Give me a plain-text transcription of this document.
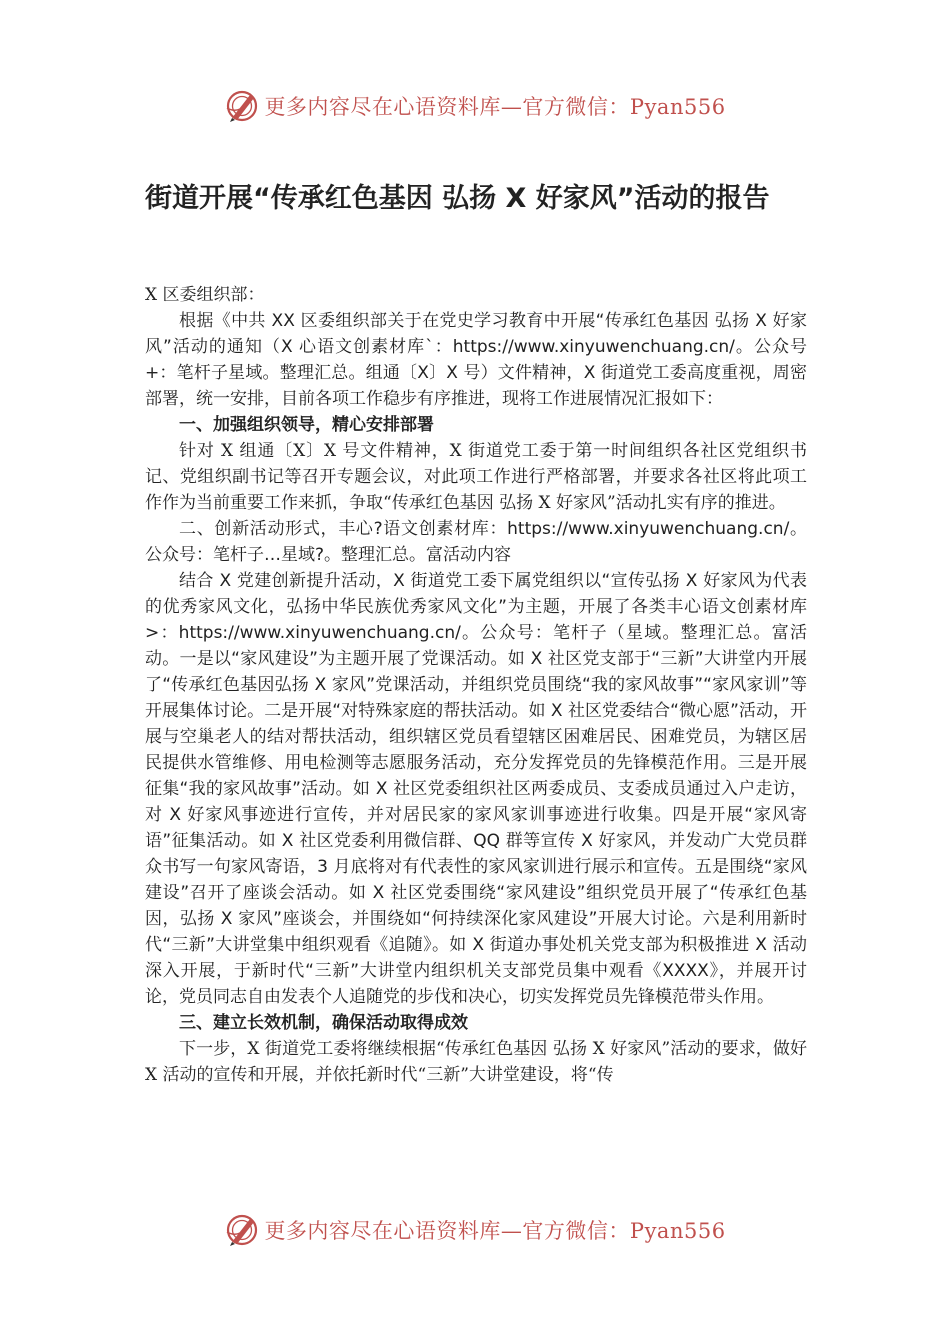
更多内容尽在心语资料库—官方微信：Pyan556
街道开展“传承红色基因 弘扬 X 好家风”活动的报告

X 区委组织部：

根据《中共 XX 区委组织部关于在党史学习教育中开展“传承红色基因 弘扬 X 好家风”活动的通知（X 心语文创素材库`：https://www.xinyuwenchuang.cn/。公众号+：笔杆子星域。整理汇总。组通〔X〕X 号）文件精神，X 街道党工委高度重视，周密部署，统一安排，目前各项工作稳步有序推进，现将工作进展情况汇报如下：

一、加强组织领导，精心安排部署

针对 X 组通〔X〕X 号文件精神，X 街道党工委于第一时间组织各社区党组织书记、党组织副书记等召开专题会议，对此项工作进行严格部署，并要求各社区将此项工作作为当前重要工作来抓，争取“传承红色基因 弘扬 X 好家风”活动扎实有序的推进。

二、创新活动形式，丰心?语文创素材库：https://www.xinyuwenchuang.cn/。公众号：笔杆子…星域?。整理汇总。富活动内容

结合 X 党建创新提升活动，X 街道党工委下属党组织以“宣传弘扬 X 好家风为代表的优秀家风文化，弘扬中华民族优秀家风文化”为主题，开展了各类丰心语文创素材库>：https://www.xinyuwenchuang.cn/。公众号：笔杆子（星域。整理汇总。富活动。一是以“家风建设”为主题开展了党课活动。如 X 社区党支部于“三新”大讲堂内开展了“传承红色基因弘扬 X 家风”党课活动，并组织党员围绕“我的家风故事”“家风家训”等开展集体讨论。二是开展“对特殊家庭的帮扶活动。如 X 社区党委结合“微心愿”活动，开展与空巢老人的结对帮扶活动，组织辖区党员看望辖区困难居民、困难党员，为辖区居民提供水管维修、用电检测等志愿服务活动，充分发挥党员的先锋模范作用。三是开展征集“我的家风故事”活动。如 X 社区党委组织社区两委成员、支委成员通过入户走访，对 X 好家风事迹进行宣传，并对居民家的家风家训事迹进行收集。四是开展“家风寄语”征集活动。如 X 社区党委利用微信群、QQ 群等宣传 X 好家风，并发动广大党员群众书写一句家风寄语，3 月底将对有代表性的家风家训进行展示和宣传。五是围绕“家风建设”召开了座谈会活动。如 X 社区党委围绕“家风建设”组织党员开展了“传承红色基因，弘扬 X 家风”座谈会，并围绕如“何持续深化家风建设”开展大讨论。六是利用新时代“三新”大讲堂集中组织观看《追随》。如 X 街道办事处机关党支部为积极推进 X 活动深入开展，于新时代“三新”大讲堂内组织机关支部党员集中观看《XXXX》，并展开讨论，党员同志自由发表个人追随党的步伐和决心，切实发挥党员先锋模范带头作用。

三、建立长效机制，确保活动取得成效

下一步，X 街道党工委将继续根据“传承红色基因 弘扬 X 好家风”活动的要求，做好 X 活动的宣传和开展，并依托新时代“三新”大讲堂建设，将“传

更多内容尽在心语资料库—官方微信：Pyan556
